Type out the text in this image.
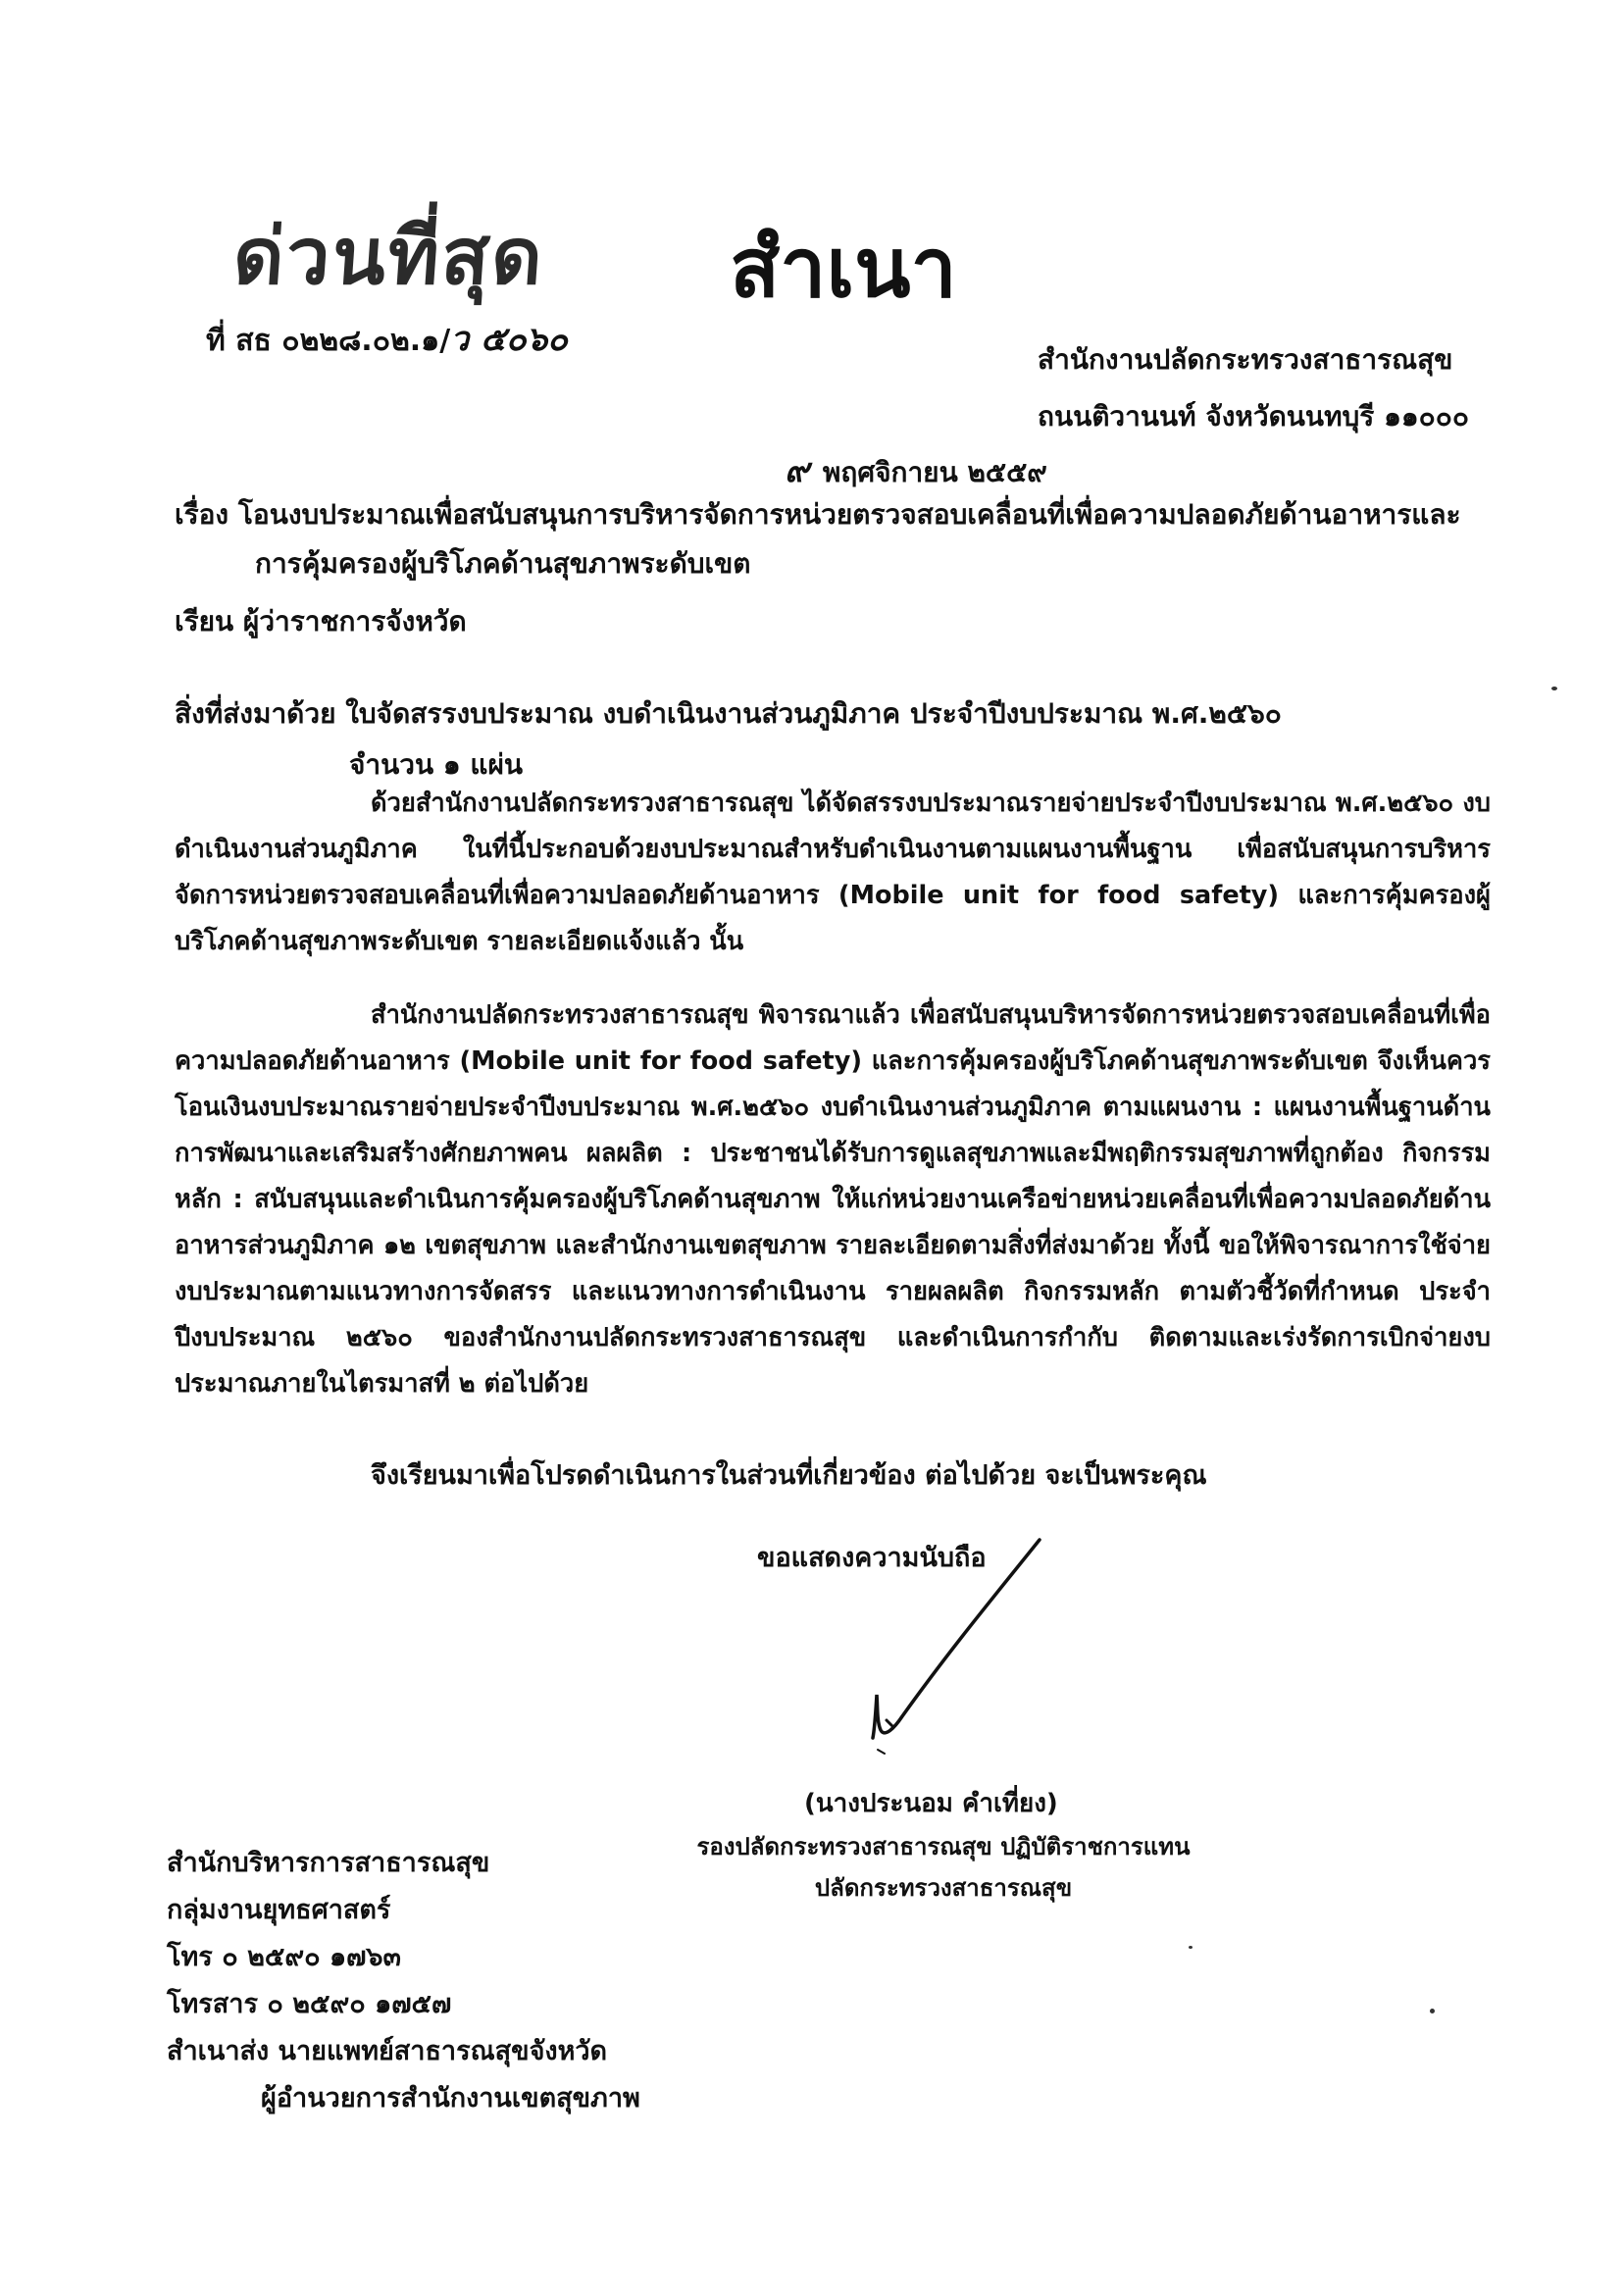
ด่วนที่สุด สำเนา
ที่ สธ ๐๒๒๘.๐๒.๑/ว ๕๐๖๐
สำนักงานปลัดกระทรวงสาธารณสุข
ถนนติวานนท์ จังหวัดนนทบุรี ๑๑๐๐๐
๙ พฤศจิกายน ๒๕๕๙
เรื่อง โอนงบประมาณเพื่อสนับสนุนการบริหารจัดการหน่วยตรวจสอบเคลื่อนที่เพื่อความปลอดภัยด้านอาหารและ
การคุ้มครองผู้บริโภคด้านสุขภาพระดับเขต
เรียน ผู้ว่าราชการจังหวัด
สิ่งที่ส่งมาด้วย ใบจัดสรรงบประมาณ งบดำเนินงานส่วนภูมิภาค ประจำปีงบประมาณ พ.ศ.๒๕๖๐
จำนวน ๑ แผ่น
ด้วยสำนักงานปลัดกระทรวงสาธารณสุข ได้จัดสรรงบประมาณรายจ่ายประจำปีงบประมาณ พ.ศ.๒๕๖๐ งบดำเนินงานส่วนภูมิภาค ในที่นี้ประกอบด้วยงบประมาณสำหรับดำเนินงานตามแผนงานพื้นฐาน เพื่อสนับสนุนการบริหารจัดการหน่วยตรวจสอบเคลื่อนที่เพื่อความปลอดภัยด้านอาหาร (Mobile unit for food safety) และการคุ้มครองผู้บริโภคด้านสุขภาพระดับเขต รายละเอียดแจ้งแล้ว นั้น
สำนักงานปลัดกระทรวงสาธารณสุข พิจารณาแล้ว เพื่อสนับสนุนบริหารจัดการหน่วยตรวจสอบเคลื่อนที่เพื่อความปลอดภัยด้านอาหาร (Mobile unit for food safety) และการคุ้มครองผู้บริโภคด้านสุขภาพระดับเขต จึงเห็นควรโอนเงินงบประมาณรายจ่ายประจำปีงบประมาณ พ.ศ.๒๕๖๐ งบดำเนินงานส่วนภูมิภาค ตามแผนงาน : แผนงานพื้นฐานด้านการพัฒนาและเสริมสร้างศักยภาพคน ผลผลิต : ประชาชนได้รับการดูแลสุขภาพและมีพฤติกรรมสุขภาพที่ถูกต้อง กิจกรรมหลัก : สนับสนุนและดำเนินการคุ้มครองผู้บริโภคด้านสุขภาพ ให้แก่หน่วยงานเครือข่ายหน่วยเคลื่อนที่เพื่อความปลอดภัยด้านอาหารส่วนภูมิภาค ๑๒ เขตสุขภาพ และสำนักงานเขตสุขภาพ รายละเอียดตามสิ่งที่ส่งมาด้วย ทั้งนี้ ขอให้พิจารณาการใช้จ่ายงบประมาณตามแนวทางการจัดสรร และแนวทางการดำเนินงาน รายผลผลิต กิจกรรมหลัก ตามตัวชี้วัดที่กำหนด ประจำปีงบประมาณ ๒๕๖๐ ของสำนักงานปลัดกระทรวงสาธารณสุข และดำเนินการกำกับ ติดตามและเร่งรัดการเบิกจ่ายงบประมาณภายในไตรมาสที่ ๒ ต่อไปด้วย
จึงเรียนมาเพื่อโปรดดำเนินการในส่วนที่เกี่ยวข้อง ต่อไปด้วย จะเป็นพระคุณ
ขอแสดงความนับถือ
(นางประนอม คำเที่ยง)
รองปลัดกระทรวงสาธารณสุข ปฏิบัติราชการแทน
ปลัดกระทรวงสาธารณสุข
สำนักบริหารการสาธารณสุข
กลุ่มงานยุทธศาสตร์
โทร ๐ ๒๕๙๐ ๑๗๖๓
โทรสาร ๐ ๒๕๙๐ ๑๗๕๗
สำเนาส่ง นายแพทย์สาธารณสุขจังหวัด
ผู้อำนวยการสำนักงานเขตสุขภาพ
